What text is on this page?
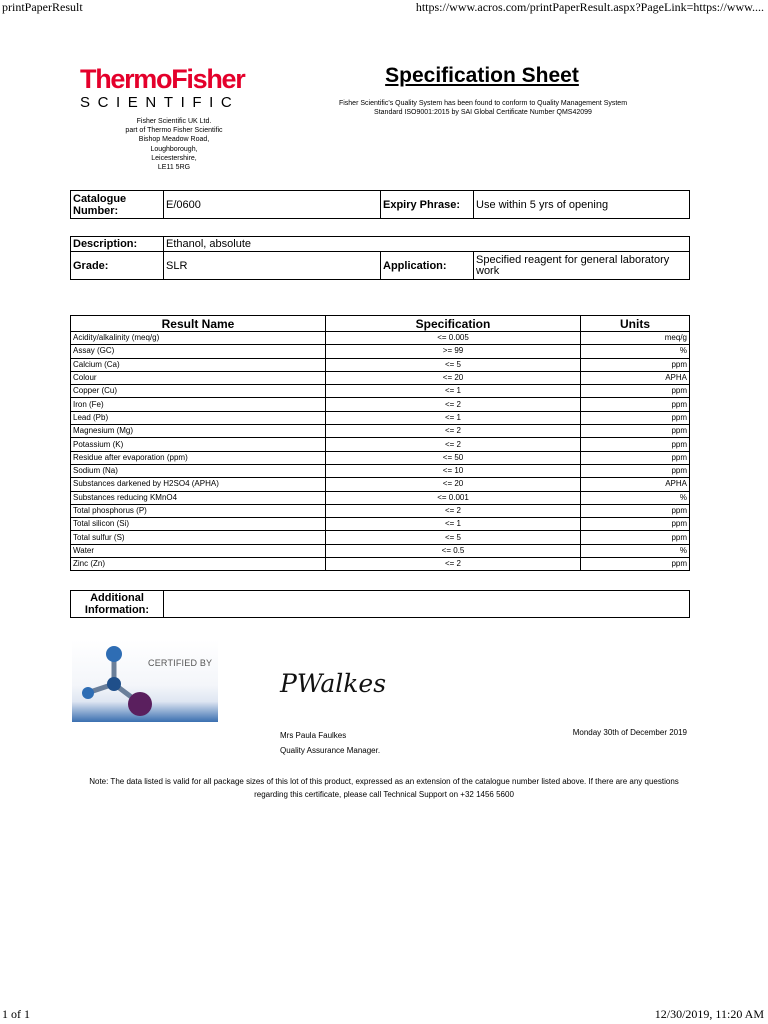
printPaperResult	https://www.acros.com/printPaperResult.aspx?PageLink=https://www....
ThermoFisher
SCIENTIFIC
Fisher Scientific UK Ltd.
part of Thermo Fisher Scientific
Bishop Meadow Road,
Loughborough,
Leicestershire,
LE11 5RG
Specification Sheet
Fisher Scientific's Quality System has been found to conform to Quality Management System Standard ISO9001:2015 by SAI Global Certificate Number QMS42099
Catalogue Number:	E/0600	Expiry Phrase:	Use within 5 yrs of opening
Description:	Ethanol, absolute		
Grade:	SLR	Application:	Specified reagent for general laboratory work
Result Name	Specification	Units
Acidity/alkalinity (meq/g)	<= 0.005	meq/g
Assay (GC)	>= 99	%
Calcium (Ca)	<= 5	ppm
Colour	<= 20	APHA
Copper (Cu)	<= 1	ppm
Iron (Fe)	<= 2	ppm
Lead (Pb)	<= 1	ppm
Magnesium (Mg)	<= 2	ppm
Potassium (K)	<= 2	ppm
Residue after evaporation (ppm)	<= 50	ppm
Sodium (Na)	<= 10	ppm
Substances darkened by H2SO4 (APHA)	<= 20	APHA
Substances reducing KMnO4	<= 0.001	%
Total phosphorus (P)	<= 2	ppm
Total silicon (Si)	<= 1	ppm
Total sulfur (S)	<= 5	ppm
Water	<= 0.5	%
Zinc (Zn)	<= 2	ppm
Additional Information:	
CERTIFIED BY
PWalkes
Mrs Paula Faulkes
Quality Assurance Manager.
Monday 30th of December 2019
Note: The data listed is valid for all package sizes of this lot of this product, expressed as an extension of the catalogue number listed above. If there are any questions regarding this certificate, please call Technical Support on +32 1456 5600
1 of 1	12/30/2019, 11:20 AM
